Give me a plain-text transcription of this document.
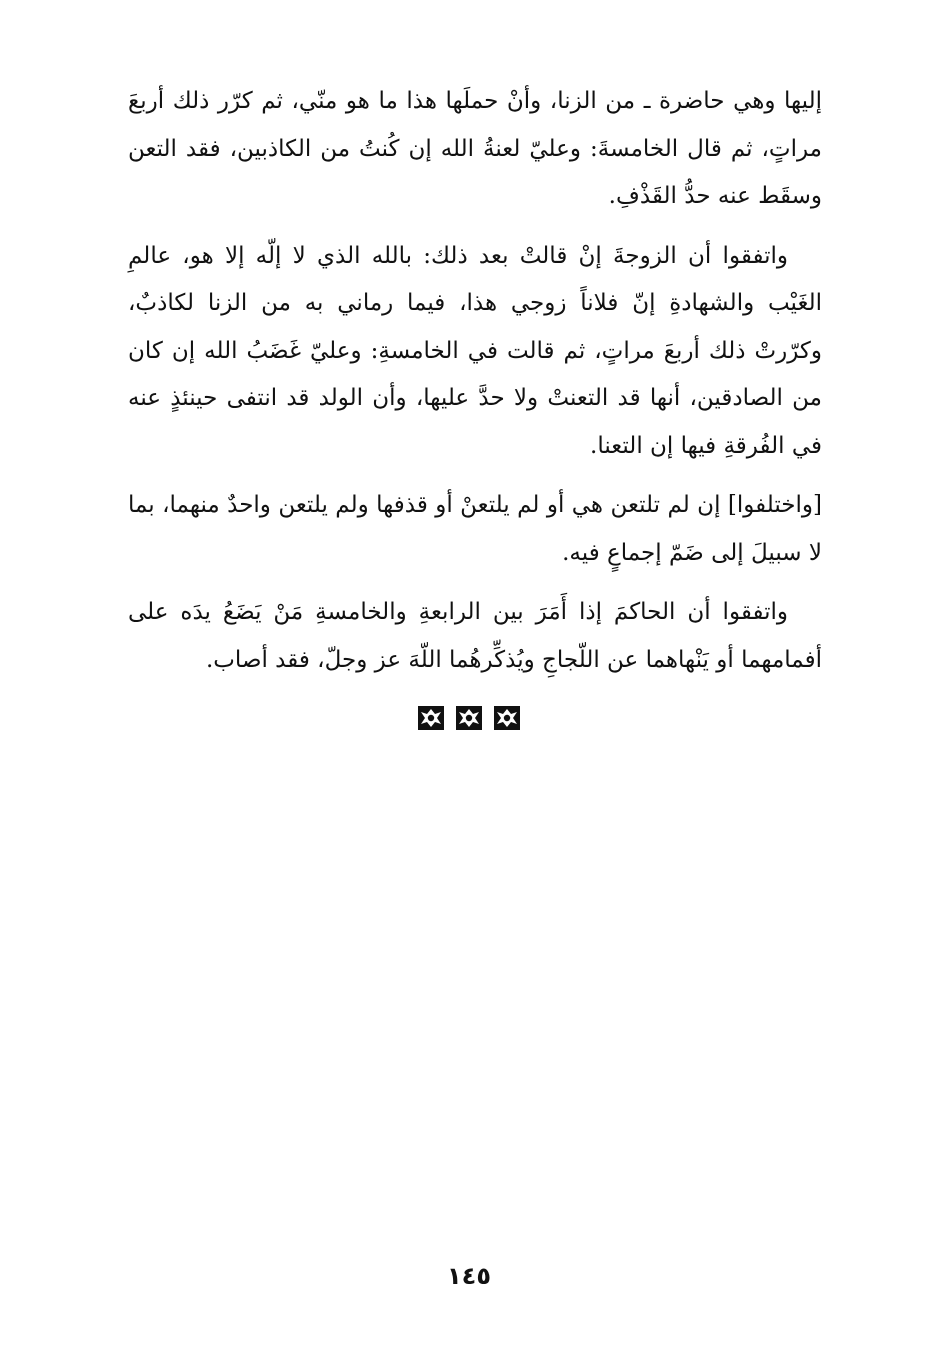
إليها وهي حاضرة ـ من الزنا، وأنْ حملَها هذا ما هو منّي، ثم كرّر ذلك أربعَ مراتٍ، ثم قال الخامسةَ: وعليّ لعنةُ الله إن كُنتُ من الكاذبين، فقد التعن وسقَط عنه حدُّ القَذْفِ.

واتفقوا أن الزوجةَ إنْ قالتْ بعد ذلك: بالله الذي لا إلّه إلا هو، عالمِ الغَيْب والشهادةِ إنّ فلاناً زوجي هذا، فيما رماني به من الزنا لكاذبٌ، وكرّرتْ ذلك أربعَ مراتٍ، ثم قالت في الخامسةِ: وعليّ غَضَبُ الله إن كان من الصادقين، أنها قد التعنتْ ولا حدَّ عليها، وأن الولد قد انتفى حينئذٍ عنه في الفُرقةِ فيها إن التعنا.

[واختلفوا] إن لم تلتعن هي أو لم يلتعنْ أو قذفها ولم يلتعن واحدٌ منهما، بما لا سبيلَ إلى ضَمّ إجماعٍ فيه.

واتفقوا أن الحاكمَ إذا أَمَرَ بين الرابعةِ والخامسةِ مَنْ يَضَعُ يدَه على أفمامهما أو يَنْهاهما عن اللّجاجِ ويُذكِّرهُما اللّهَ عز وجلّ، فقد أصاب.

١٤٥
